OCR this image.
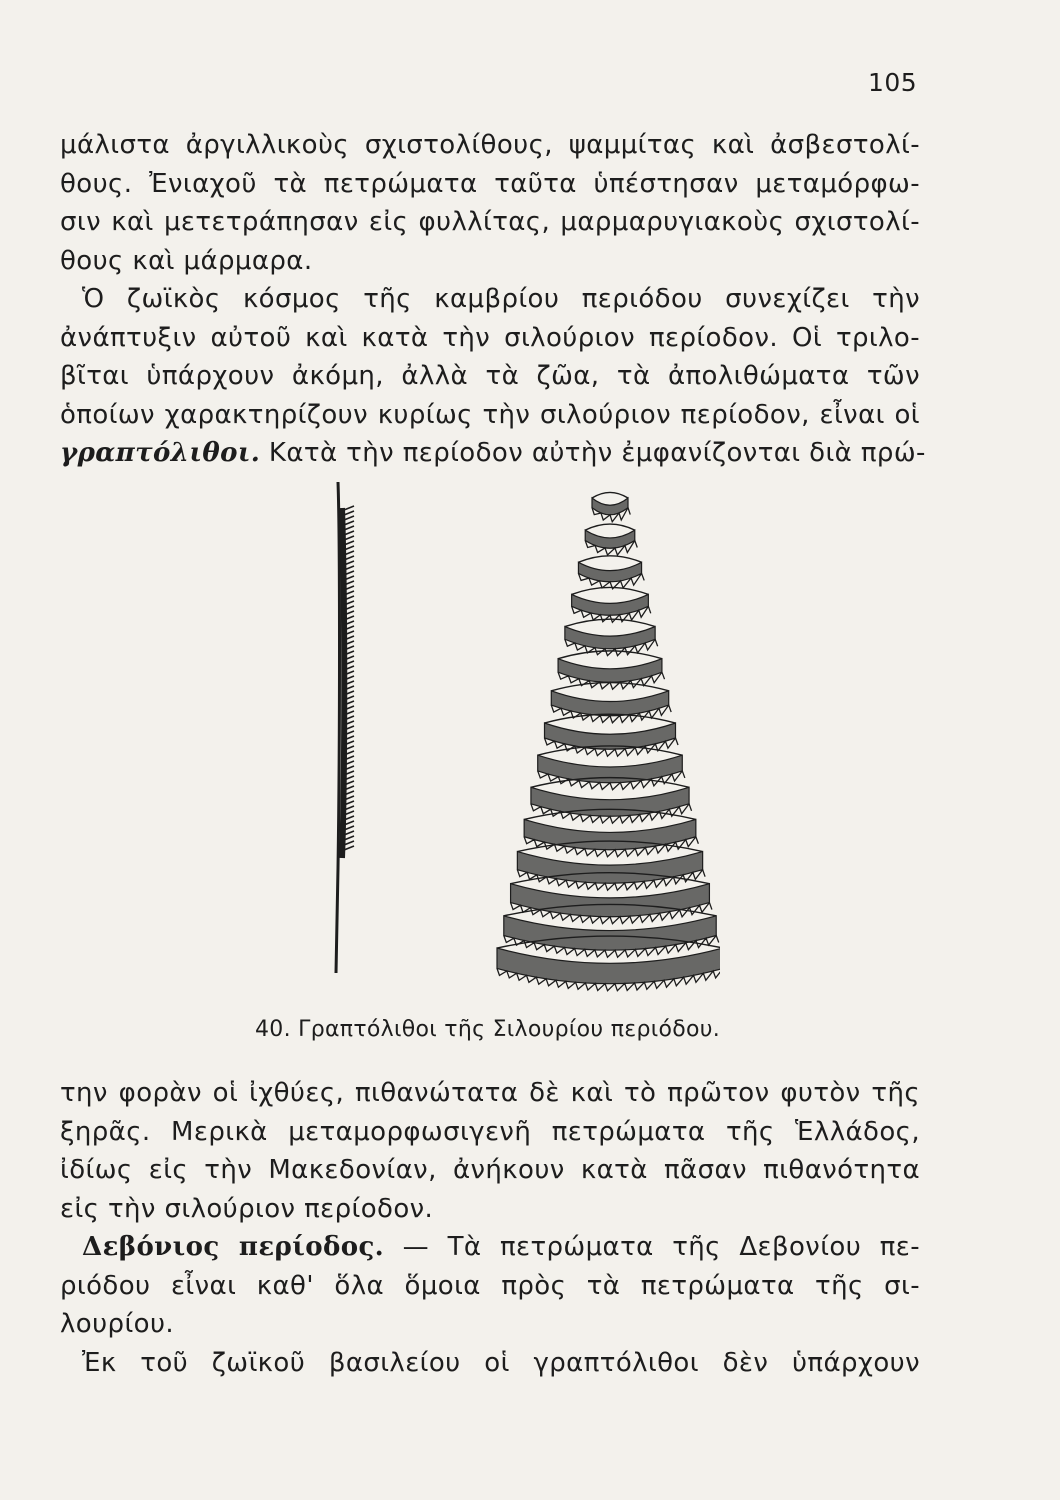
105
μάλιστα ἀργιλλικοὺς σχιστολίθους, ψαμμίτας καὶ ἀσβεστολί-
θους. Ἐνιαχοῦ τὰ πετρώματα ταῦτα ὑπέστησαν μεταμόρφω-
σιν καὶ μετετράπησαν εἰς φυλλίτας, μαρμαρυγιακοὺς σχιστολί-
θους καὶ μάρμαρα.
Ὁ ζωϊκὸς κόσμος τῆς καμβρίου περιόδου συνεχίζει τὴν
ἀνάπτυξιν αὐτοῦ καὶ κατὰ τὴν σιλούριον περίοδον. Οἱ τριλο-
βῖται ὑπάρχουν ἀκόμη, ἀλλὰ τὰ ζῶα, τὰ ἀπολιθώματα τῶν
ὁποίων χαρακτηρίζουν κυρίως τὴν σιλούριον περίοδον, εἶναι οἱ
γραπτόλιθοι. Κατὰ τὴν περίοδον αὐτὴν ἐμφανίζονται διὰ πρώ-
40. Γραπτόλιθοι τῆς Σιλουρίου περιόδου.
την φορὰν οἱ ἰχθύες, πιθανώτατα δὲ καὶ τὸ πρῶτον φυτὸν τῆς
ξηρᾶς. Μερικὰ μεταμορφωσιγενῆ πετρώματα τῆς Ἑλλάδος,
ἰδίως εἰς τὴν Μακεδονίαν, ἀνήκουν κατὰ πᾶσαν πιθανότητα
εἰς τὴν σιλούριον περίοδον.
Δεβόνιος περίοδος. — Τὰ πετρώματα τῆς Δεβονίου πε-
ριόδου εἶναι καθ' ὅλα ὅμοια πρὸς τὰ πετρώματα τῆς σι-
λουρίου.
Ἐκ τοῦ ζωϊκοῦ βασιλείου οἱ γραπτόλιθοι δὲν ὑπάρχουν
